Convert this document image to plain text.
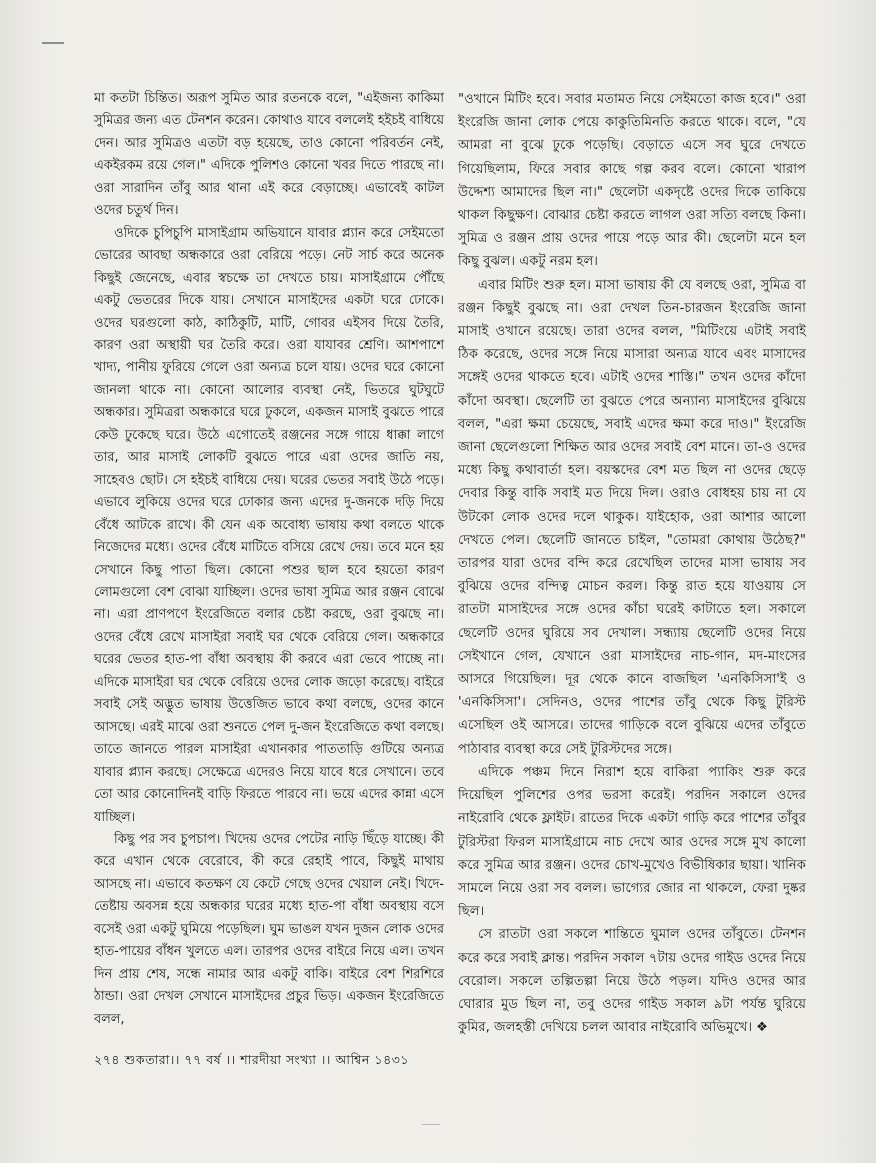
মা কতটা চিন্তিত। অরূপ সুমিত আর রতনকে বলে, "এইজন্য কাকিমা সুমিত্রর জন্য এত টেনশন করেন। কোথাও যাবে বললেই হইচই বাধিয়ে দেন। আর সুমিত্রও এতটা বড় হয়েছে, তাও কোনো পরিবর্তন নেই, একইরকম রয়ে গেল।" এদিকে পুলিশও কোনো খবর দিতে পারছে না। ওরা সারাদিন তাঁবু আর থানা এই করে বেড়াচ্ছে। এভাবেই কাটল ওদের চতুর্থ দিন।

ওদিকে চুপিচুপি মাসাইগ্রাম অভিযানে যাবার প্ল্যান করে সেইমতো ভোরের আবছা অন্ধকারে ওরা বেরিয়ে পড়ে। নেট সার্চ করে অনেক কিছুই জেনেছে, এবার স্বচক্ষে তা দেখতে চায়। মাসাইগ্রামে পৌঁছে একটু ভেতরের দিকে যায়। সেখানে মাসাইদের একটা ঘরে ঢোকে। ওদের ঘরগুলো কাঠ, কাঠিকুটি, মাটি, গোবর এইসব দিয়ে তৈরি, কারণ ওরা অস্থায়ী ঘর তৈরি করে। ওরা যাযাবর শ্রেণি। আশপাশে খাদ্য, পানীয় ফুরিয়ে গেলে ওরা অন্যত্র চলে যায়। ওদের ঘরে কোনো জানলা থাকে না। কোনো আলোর ব্যবস্থা নেই, ভিতরে ঘুটঘুটে অন্ধকার। সুমিত্ররা অন্ধকারে ঘরে ঢুকলে, একজন মাসাই বুঝতে পারে কেউ ঢুকেছে ঘরে। উঠে এগোতেই রঞ্জনের সঙ্গে গায়ে ধাক্কা লাগে তার, আর মাসাই লোকটি বুঝতে পারে এরা ওদের জাতি নয়, সাহেবও ছোট। সে হইচই বাধিয়ে দেয়। ঘরের ভেতর সবাই উঠে পড়ে। এভাবে লুকিয়ে ওদের ঘরে ঢোকার জন্য এদের দু-জনকে দড়ি দিয়ে বেঁধে আটকে রাখে। কী যেন এক অবোধ্য ভাষায় কথা বলতে থাকে নিজেদের মধ্যে। ওদের বেঁধে মাটিতে বসিয়ে রেখে দেয়। তবে মনে হয় সেখানে কিছু পাতা ছিল। কোনো পশুর ছাল হবে হয়তো কারণ লোমগুলো বেশ বোঝা যাচ্ছিল। ওদের ভাষা সুমিত্র আর রঞ্জন বোঝে না। এরা প্রাণপণে ইংরেজিতে বলার চেষ্টা করছে, ওরা বুঝছে না। ওদের বেঁধে রেখে মাসাইরা সবাই ঘর থেকে বেরিয়ে গেল। অন্ধকারে ঘরের ভেতর হাত-পা বাঁধা অবস্থায় কী করবে এরা ভেবে পাচ্ছে না। এদিকে মাসাইরা ঘর থেকে বেরিয়ে ওদের লোক জড়ো করেছে। বাইরে সবাই সেই অদ্ভুত ভাষায় উত্তেজিত ভাবে কথা বলছে, ওদের কানে আসছে। এরই মাঝে ওরা শুনতে পেল দু-জন ইংরেজিতে কথা বলছে। তাতে জানতে পারল মাসাইরা এখানকার পাততাড়ি গুটিয়ে অন্যত্র যাবার প্ল্যান করছে। সেক্ষেত্রে এদেরও নিয়ে যাবে ধরে সেখানে। তবে তো আর কোনোদিনই বাড়ি ফিরতে পারবে না। ভয়ে এদের কান্না এসে যাচ্ছিল।

কিছু পর সব চুপচাপ। খিদেয় ওদের পেটের নাড়ি ছিঁড়ে যাচ্ছে। কী করে এখান থেকে বেরোবে, কী করে রেহাই পাবে, কিছুই মাথায় আসছে না। এভাবে কতক্ষণ যে কেটে গেছে ওদের খেয়াল নেই। খিদে-তেষ্টায় অবসন্ন হয়ে অন্ধকার ঘরের মধ্যে হাত-পা বাঁধা অবস্থায় বসে বসেই ওরা একটু ঘুমিয়ে পড়েছিল। ঘুম ভাঙল যখন দুজন লোক ওদের হাত-পায়ের বাঁধন খুলতে এল। তারপর ওদের বাইরে নিয়ে এল। তখন দিন প্রায় শেষ, সন্ধে নামার আর একটু বাকি। বাইরে বেশ শিরশিরে ঠান্ডা। ওরা দেখল সেখানে মাসাইদের প্রচুর ভিড়। একজন ইংরেজিতে বলল,

"ওখানে মিটিং হবে। সবার মতামত নিয়ে সেইমতো কাজ হবে।" ওরা ইংরেজি জানা লোক পেয়ে কাকুতিমিনতি করতে থাকে। বলে, "যে আমরা না বুঝে ঢুকে পড়েছি। বেড়াতে এসে সব ঘুরে দেখতে গিয়েছিলাম, ফিরে সবার কাছে গল্প করব বলে। কোনো খারাপ উদ্দেশ্য আমাদের ছিল না।" ছেলেটা একদৃষ্টে ওদের দিকে তাকিয়ে থাকল কিছুক্ষণ। বোঝার চেষ্টা করতে লাগল ওরা সত্যি বলছে কিনা। সুমিত্র ও রঞ্জন প্রায় ওদের পায়ে পড়ে আর কী। ছেলেটা মনে হল কিছু বুঝল। একটু নরম হল।

এবার মিটিং শুরু হল। মাসা ভাষায় কী যে বলছে ওরা, সুমিত্র বা রঞ্জন কিছুই বুঝছে না। ওরা দেখল তিন-চারজন ইংরেজি জানা মাসাই ওখানে রয়েছে। তারা ওদের বলল, "মিটিংয়ে এটাই সবাই ঠিক করেছে, ওদের সঙ্গে নিয়ে মাসারা অন্যত্র যাবে এবং মাসাদের সঙ্গেই ওদের থাকতে হবে। এটাই ওদের শাস্তি।" তখন ওদের কাঁদো কাঁদো অবস্থা। ছেলেটি তা বুঝতে পেরে অন্যান্য মাসাইদের বুঝিয়ে বলল, "এরা ক্ষমা চেয়েছে, সবাই এদের ক্ষমা করে দাও।" ইংরেজি জানা ছেলেগুলো শিক্ষিত আর ওদের সবাই বেশ মানে। তা-ও ওদের মধ্যে কিছু কথাবার্তা হল। বয়স্কদের বেশ মত ছিল না ওদের ছেড়ে দেবার কিন্তু বাকি সবাই মত দিয়ে দিল। ওরাও বোধহয় চায় না যে উটকো লোক ওদের দলে থাকুক। যাইহোক, ওরা আশার আলো দেখতে পেল। ছেলেটি জানতে চাইল, "তোমরা কোথায় উঠেছ?" তারপর যারা ওদের বন্দি করে রেখেছিল তাদের মাসা ভাষায় সব বুঝিয়ে ওদের বন্দিত্ব মোচন করল। কিন্তু রাত হয়ে যাওয়ায় সে রাতটা মাসাইদের সঙ্গে ওদের কাঁচা ঘরেই কাটাতে হল। সকালে ছেলেটি ওদের ঘুরিয়ে সব দেখাল। সন্ধ্যায় ছেলেটি ওদের নিয়ে সেইখানে গেল, যেখানে ওরা মাসাইদের নাচ-গান, মদ-মাংসের আসরে গিয়েছিল। দূর থেকে কানে বাজছিল 'এনকিসিসা'ই ও 'এনকিসিসা'। সেদিনও, ওদের পাশের তাঁবু থেকে কিছু টুরিস্ট এসেছিল ওই আসরে। তাদের গাড়িকে বলে বুঝিয়ে এদের তাঁবুতে পাঠাবার ব্যবস্থা করে সেই টুরিস্টদের সঙ্গে।

এদিকে পঞ্চম দিনে নিরাশ হয়ে বাকিরা প্যাকিং শুরু করে দিয়েছিল পুলিশের ওপর ভরসা করেই। পরদিন সকালে ওদের নাইরোবি থেকে ফ্লাইট। রাতের দিকে একটা গাড়ি করে পাশের তাঁবুর টুরিস্টরা ফিরল মাসাইগ্রামে নাচ দেখে আর ওদের সঙ্গে মুখ কালো করে সুমিত্র আর রঞ্জন। ওদের চোখ-মুখেও বিভীষিকার ছায়া। খানিক সামলে নিয়ে ওরা সব বলল। ভাগ্যের জোর না থাকলে, ফেরা দুষ্কর ছিল।

সে রাতটা ওরা সকলে শান্তিতে ঘুমাল ওদের তাঁবুতে। টেনশন করে করে সবাই ক্লান্ত। পরদিন সকাল ৭টায় ওদের গাইড ওদের নিয়ে বেরোল। সকলে তল্পিতল্পা নিয়ে উঠে পড়ল। যদিও ওদের আর ঘোরার মুড ছিল না, তবু ওদের গাইড সকাল ৯টা পর্যন্ত ঘুরিয়ে কুমির, জলহস্তী দেখিয়ে চলল আবার নাইরোবি অভিমুখে। ❖

২৭৪ শুকতারা।। ৭৭ বর্ষ ।। শারদীয়া সংখ্যা ।। আশ্বিন ১৪৩১
